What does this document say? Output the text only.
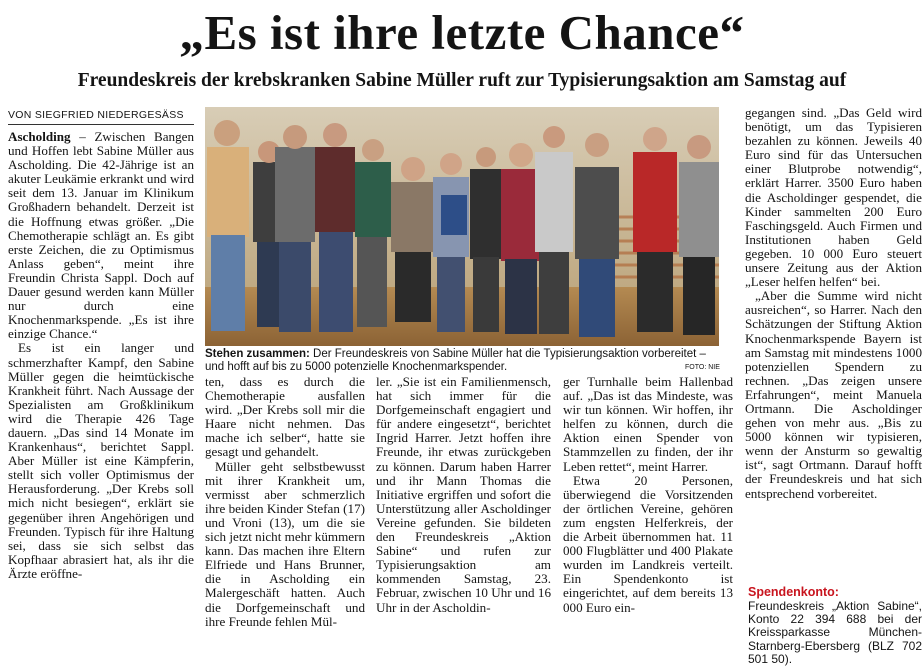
„Es ist ihre letzte Chance“
Freundeskreis der krebskranken Sabine Müller ruft zur Typisierungsaktion am Samstag auf
VON SIEGFRIED NIEDERGESÄSS

Ascholding – Zwischen Bangen und Hoffen lebt Sabine Müller aus Ascholding. Die 42-Jährige ist an akuter Leukämie erkrankt und wird seit dem 13. Januar im Klinikum Großhadern behandelt. Derzeit ist die Hoffnung etwas größer. „Die Chemotherapie schlägt an. Es gibt erste Zeichen, die zu Optimismus Anlass geben“, meint ihre Freundin Christa Sappl. Doch auf Dauer gesund werden kann Müller nur durch eine Knochenmarkspende. „Es ist ihre einzige Chance.“

Es ist ein langer und schmerzhafter Kampf, den Sabine Müller gegen die heimtückische Krankheit führt. Nach Aussage der Spezialisten am Großklinikum wird die Therapie 426 Tage dauern. „Das sind 14 Monate im Krankenhaus“, berichtet Sappl. Aber Müller ist eine Kämpferin, stellt sich voller Optimismus der Herausforderung. „Der Krebs soll mich nicht besiegen“, erklärt sie gegenüber ihren Angehörigen und Freunden. Typisch für ihre Haltung sei, dass sie sich selbst das Kopfhaar abrasiert hat, als ihr die Ärzte eröffne-

Stehen zusammen: Der Freundeskreis von Sabine Müller hat die Typisierungsaktion vorbereitet – und hofft auf bis zu 5000 potenzielle Knochenmarkspender.	FOTO: NIE

ten, dass es durch die Chemotherapie ausfallen wird. „Der Krebs soll mir die Haare nicht nehmen. Das mache ich selber“, hatte sie gesagt und gehandelt.

Müller geht selbstbewusst mit ihrer Krankheit um, vermisst aber schmerzlich ihre beiden Kinder Stefan (17) und Vroni (13), um die sie sich jetzt nicht mehr kümmern kann. Das machen ihre Eltern Elfriede und Hans Brunner, die in Ascholding ein Malergeschäft hatten. Auch die Dorfgemeinschaft und ihre Freunde fehlen Mül-

ler. „Sie ist ein Familienmensch, hat sich immer für die Dorfgemeinschaft engagiert und für andere eingesetzt“, berichtet Ingrid Harrer. Jetzt hoffen ihre Freunde, ihr etwas zurückgeben zu können. Darum haben Harrer und ihr Mann Thomas die Initiative ergriffen und sofort die Unterstützung aller Ascholdinger Vereine gefunden. Sie bildeten den Freundeskreis „Aktion Sabine“ und rufen zur Typisierungsaktion am kommenden Samstag, 23. Februar, zwischen 10 Uhr und 16 Uhr in der Ascholdin-

ger Turnhalle beim Hallenbad auf. „Das ist das Mindeste, was wir tun können. Wir hoffen, ihr helfen zu können, durch die Aktion einen Spender von Stammzellen zu finden, der ihr Leben rettet“, meint Harrer.

Etwa 20 Personen, überwiegend die Vorsitzenden der örtlichen Vereine, gehören zum engsten Helferkreis, der die Arbeit übernommen hat. 11 000 Flugblätter und 400 Plakate wurden im Landkreis verteilt. Ein Spendenkonto ist eingerichtet, auf dem bereits 13 000 Euro ein-

gegangen sind. „Das Geld wird benötigt, um das Typisieren bezahlen zu können. Jeweils 40 Euro sind für das Untersuchen einer Blutprobe notwendig“, erklärt Harrer. 3500 Euro haben die Ascholdinger gespendet, die Kinder sammelten 200 Euro Faschingsgeld. Auch Firmen und Institutionen haben Geld gegeben. 10 000 Euro steuert unsere Zeitung aus der Aktion „Leser helfen helfen“ bei.

„Aber die Summe wird nicht ausreichen“, so Harrer. Nach den Schätzungen der Stiftung Aktion Knochenmarkspende Bayern ist am Samstag mit mindestens 1000 potenziellen Spendern zu rechnen. „Das zeigen unsere Erfahrungen“, meint Manuela Ortmann. Die Ascholdinger gehen von mehr aus. „Bis zu 5000 können wir typisieren, wenn der Ansturm so gewaltig ist“, sagt Ortmann. Darauf hofft der Freundeskreis und hat sich entsprechend vorbereitet.

Spendenkonto:
Freundeskreis „Aktion Sabine“, Konto 22 394 688 bei der Kreissparkasse München-Starnberg-Ebersberg (BLZ 702 501 50).
